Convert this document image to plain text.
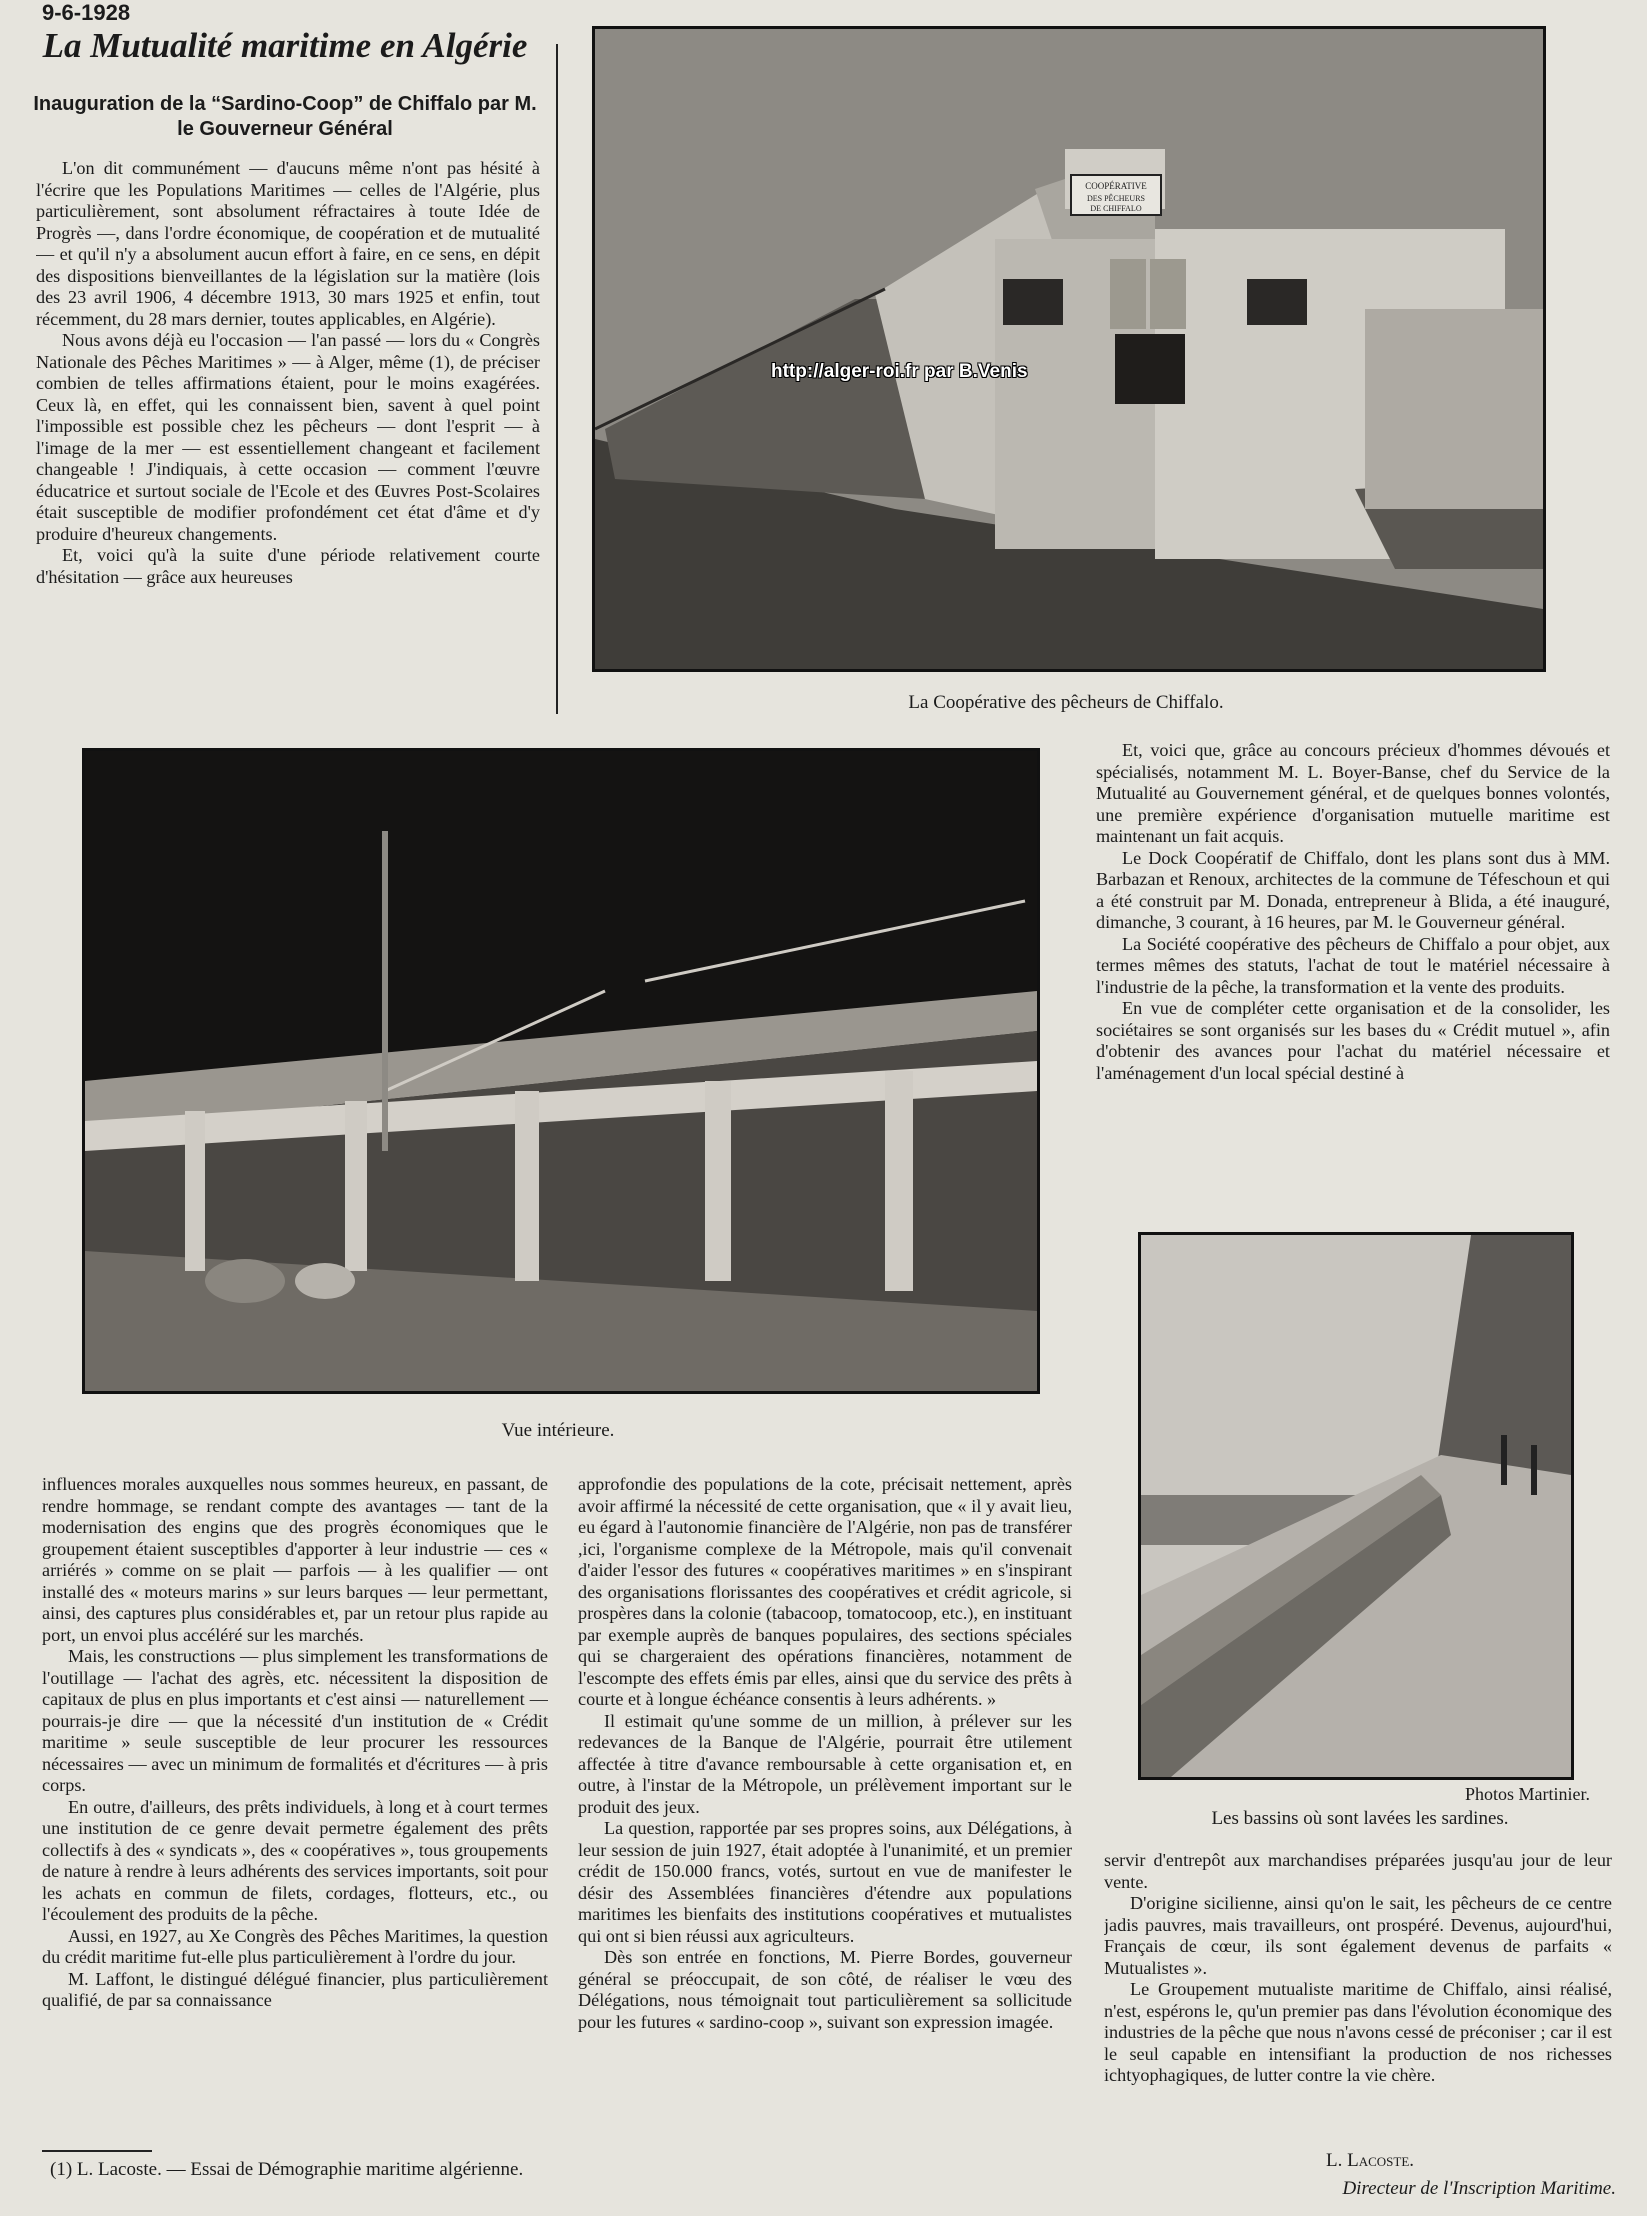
9-6-1928
La Mutualité maritime en Algérie
Inauguration de la “Sardino-Coop” de Chiffalo par M. le Gouverneur Général

L'on dit communément — d'aucuns même n'ont pas hésité à l'écrire que les Populations Maritimes — celles de l'Algérie, plus particulièrement, sont absolument réfractaires à toute Idée de Progrès —, dans l'ordre économique, de coopération et de mutualité — et qu'il n'y a absolument aucun effort à faire, en ce sens, en dépit des dispositions bienveillantes de la législation sur la matière (lois des 23 avril 1906, 4 décembre 1913, 30 mars 1925 et enfin, tout récemment, du 28 mars dernier, toutes applicables, en Algérie).

Nous avons déjà eu l'occasion — l'an passé — lors du « Congrès Nationale des Pêches Maritimes » — à Alger, même (1), de préciser combien de telles affirmations étaient, pour le moins exagérées. Ceux là, en effet, qui les connaissent bien, savent à quel point l'impossible est possible chez les pêcheurs — dont l'esprit — à l'image de la mer — est essentiellement changeant et facilement changeable ! J'indiquais, à cette occasion — comment l'œuvre éducatrice et surtout sociale de l'Ecole et des Œuvres Post-Scolaires était susceptible de modifier profondément cet état d'âme et d'y produire d'heureux changements.

Et, voici qu'à la suite d'une période relativement courte d'hésitation — grâce aux heureuses

COOPÉRATIVE
DES PÊCHEURS
DE CHIFFALO
http://alger-roi.fr par B.Venis
La Coopérative des pêcheurs de Chiffalo.
Vue intérieure.

Et, voici que, grâce au concours précieux d'hommes dévoués et spécialisés, notamment M. L. Boyer-Banse, chef du Service de la Mutualité au Gouvernement général, et de quelques bonnes volontés, une première expérience d'organisation mutuelle maritime est maintenant un fait acquis.

Le Dock Coopératif de Chiffalo, dont les plans sont dus à MM. Barbazan et Renoux, architectes de la commune de Téfeschoun et qui a été construit par M. Donada, entrepreneur à Blida, a été inauguré, dimanche, 3 courant, à 16 heures, par M. le Gouverneur général.

La Société coopérative des pêcheurs de Chiffalo a pour objet, aux termes mêmes des statuts, l'achat de tout le matériel nécessaire à l'industrie de la pêche, la transformation et la vente des produits.

En vue de compléter cette organisation et de la consolider, les sociétaires se sont organisés sur les bases du « Crédit mutuel », afin d'obtenir des avances pour l'achat du matériel nécessaire et l'aménagement d'un local spécial destiné à

Photos Martinier.
Les bassins où sont lavées les sardines.

influences morales auxquelles nous sommes heureux, en passant, de rendre hommage, se rendant compte des avantages — tant de la modernisation des engins que des progrès économiques que le groupement étaient susceptibles d'apporter à leur industrie — ces « arriérés » comme on se plait — parfois — à les qualifier — ont installé des « moteurs marins » sur leurs barques — leur permettant, ainsi, des captures plus considérables et, par un retour plus rapide au port, un envoi plus accéléré sur les marchés.

Mais, les constructions — plus simplement les transformations de l'outillage — l'achat des agrès, etc. nécessitent la disposition de capitaux de plus en plus importants et c'est ainsi — naturellement — pourrais-je dire — que la nécessité d'un institution de « Crédit maritime » seule susceptible de leur procurer les ressources nécessaires — avec un minimum de formalités et d'écritures — à pris corps.

En outre, d'ailleurs, des prêts individuels, à long et à court termes une institution de ce genre devait permetre également des prêts collectifs à des « syndicats », des « coopératives », tous groupements de nature à rendre à leurs adhérents des services importants, soit pour les achats en commun de filets, cordages, flotteurs, etc., ou l'écoulement des produits de la pêche.

Aussi, en 1927, au Xe Congrès des Pêches Maritimes, la question du crédit maritime fut-elle plus particulièrement à l'ordre du jour.

M. Laffont, le distingué délégué financier, plus particulièrement qualifié, de par sa connaissance

(1) L. Lacoste. — Essai de Démographie maritime algérienne.

approfondie des populations de la cote, précisait nettement, après avoir affirmé la nécessité de cette organisation, que « il y avait lieu, eu égard à l'autonomie financière de l'Algérie, non pas de transférer ,ici, l'organisme complexe de la Métropole, mais qu'il convenait d'aider l'essor des futures « coopératives maritimes » en s'inspirant des organisations florissantes des coopératives et crédit agricole, si prospères dans la colonie (tabacoop, tomatocoop, etc.), en instituant par exemple auprès de banques populaires, des sections spéciales qui se chargeraient des opérations financières, notamment de l'escompte des effets émis par elles, ainsi que du service des prêts à courte et à longue échéance consentis à leurs adhérents. »

Il estimait qu'une somme de un million, à prélever sur les redevances de la Banque de l'Algérie, pourrait être utilement affectée à titre d'avance remboursable à cette organisation et, en outre, à l'instar de la Métropole, un prélèvement important sur le produit des jeux.

La question, rapportée par ses propres soins, aux Délégations, à leur session de juin 1927, était adoptée à l'unanimité, et un premier crédit de 150.000 francs, votés, surtout en vue de manifester le désir des Assemblées financières d'étendre aux populations maritimes les bienfaits des institutions coopératives et mutualistes qui ont si bien réussi aux agriculteurs.

Dès son entrée en fonctions, M. Pierre Bordes, gouverneur général se préoccupait, de son côté, de réaliser le vœu des Délégations, nous témoignait tout particulièrement sa sollicitude pour les futures « sardino-coop », suivant son expression imagée.

servir d'entrepôt aux marchandises préparées jusqu'au jour de leur vente.

D'origine sicilienne, ainsi qu'on le sait, les pêcheurs de ce centre jadis pauvres, mais travailleurs, ont prospéré. Devenus, aujourd'hui, Français de cœur, ils sont également devenus de parfaits « Mutualistes ».

Le Groupement mutualiste maritime de Chiffalo, ainsi réalisé, n'est, espérons le, qu'un premier pas dans l'évolution économique des industries de la pêche que nous n'avons cessé de préconiser ; car il est le seul capable en intensifiant la production de nos richesses ichtyophagiques, de lutter contre la vie chère.

L. Lacoste.
Directeur de l'Inscription Maritime.
